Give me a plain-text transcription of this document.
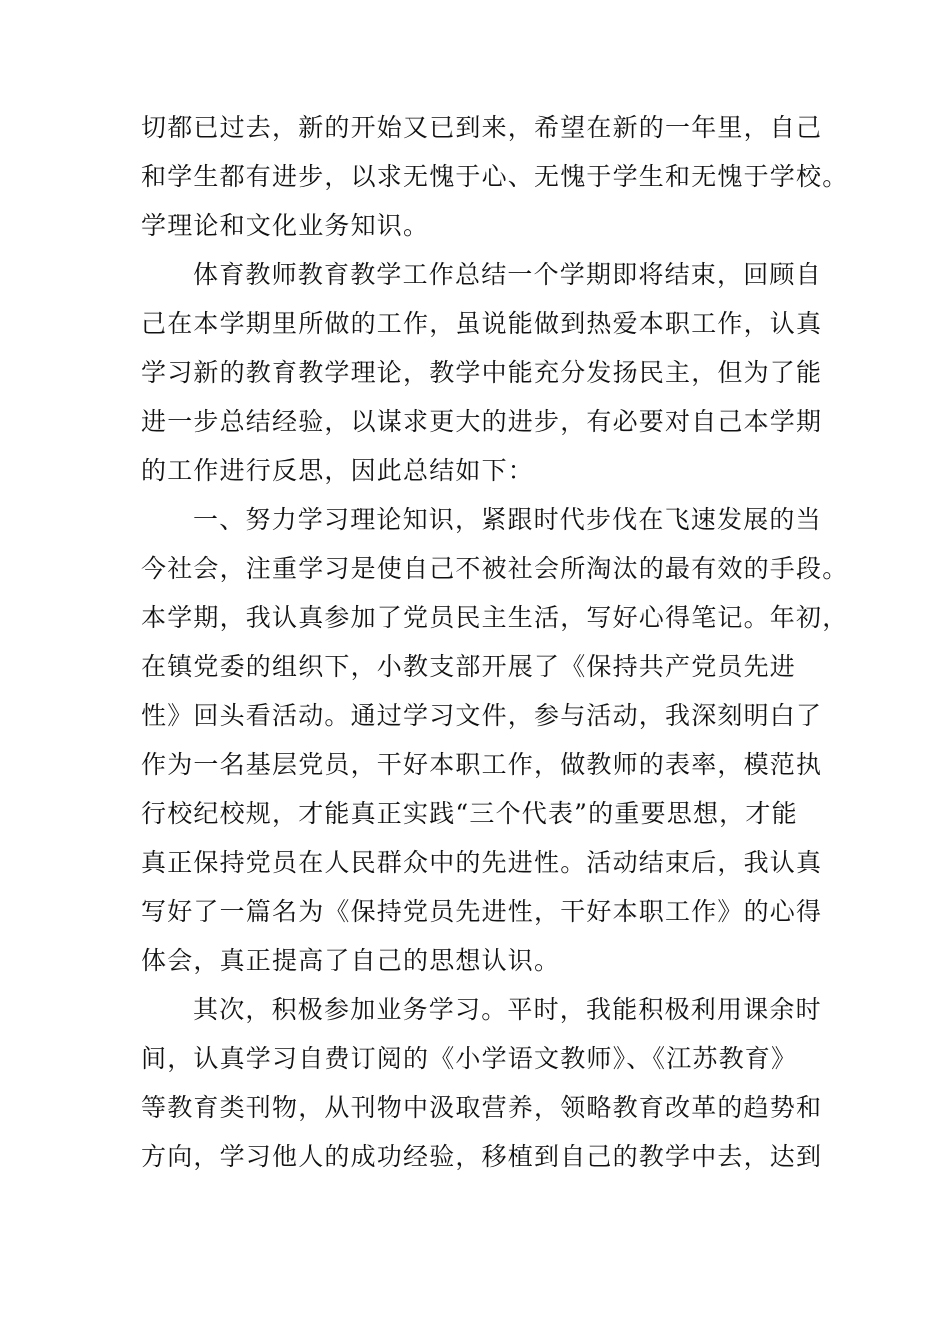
切都已过去，新的开始又已到来，希望在新的一年里，自己
和学生都有进步，以求无愧于心、无愧于学生和无愧于学校。
学理论和文化业务知识。
体育教师教育教学工作总结一个学期即将结束，回顾自
己在本学期里所做的工作，虽说能做到热爱本职工作，认真
学习新的教育教学理论，教学中能充分发扬民主，但为了能
进一步总结经验，以谋求更大的进步，有必要对自己本学期
的工作进行反思，因此总结如下：
一、努力学习理论知识，紧跟时代步伐在飞速发展的当
今社会，注重学习是使自己不被社会所淘汰的最有效的手段。
本学期，我认真参加了党员民主生活，写好心得笔记。年初，
在镇党委的组织下，小教支部开展了《保持共产党员先进
性》回头看活动。通过学习文件，参与活动，我深刻明白了
作为一名基层党员，干好本职工作，做教师的表率，模范执
行校纪校规，才能真正实践“三个代表”的重要思想，才能
真正保持党员在人民群众中的先进性。活动结束后，我认真
写好了一篇名为《保持党员先进性，干好本职工作》的心得
体会，真正提高了自己的思想认识。
其次，积极参加业务学习。平时，我能积极利用课余时
间，认真学习自费订阅的《小学语文教师》、《江苏教育》
等教育类刊物，从刊物中汲取营养，领略教育改革的趋势和
方向，学习他人的成功经验，移植到自己的教学中去，达到
